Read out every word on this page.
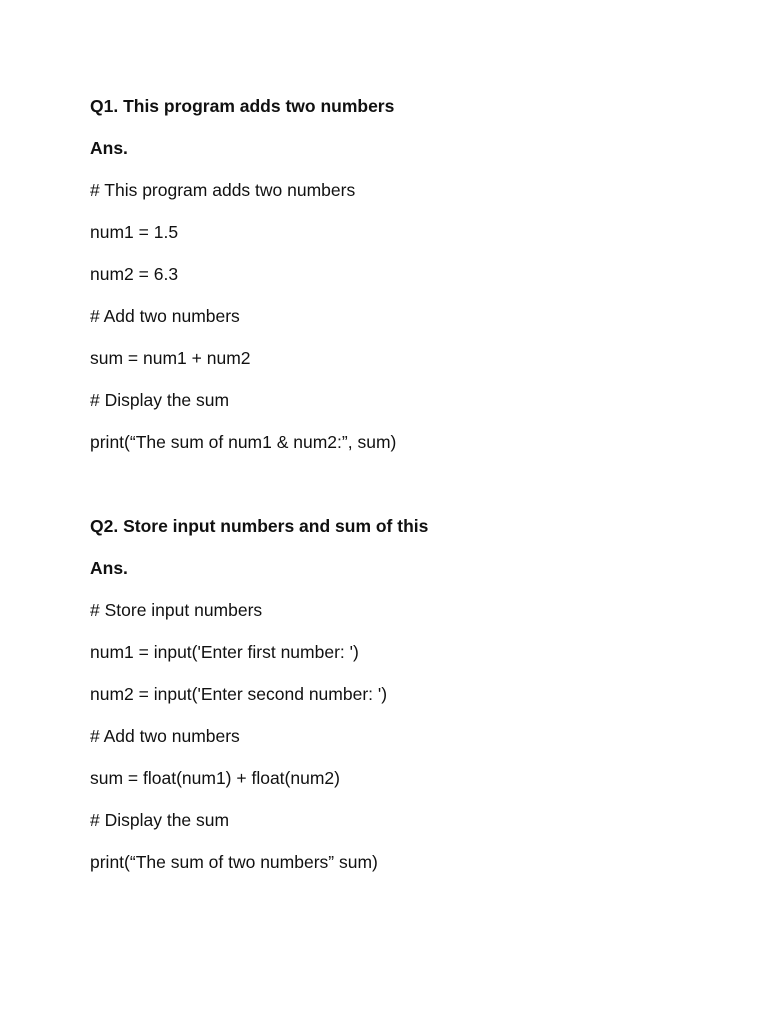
Q1. This program adds two numbers
Ans.
# This program adds two numbers
num1 = 1.5
num2 = 6.3
# Add two numbers
sum = num1 + num2
# Display the sum
print(“The sum of num1 & num2:”, sum)
Q2. Store input numbers and sum of this
Ans.
# Store input numbers
num1 = input('Enter first number: ')
num2 = input('Enter second number: ')
# Add two numbers
sum = float(num1) + float(num2)
# Display the sum
print(“The sum of two numbers” sum)
